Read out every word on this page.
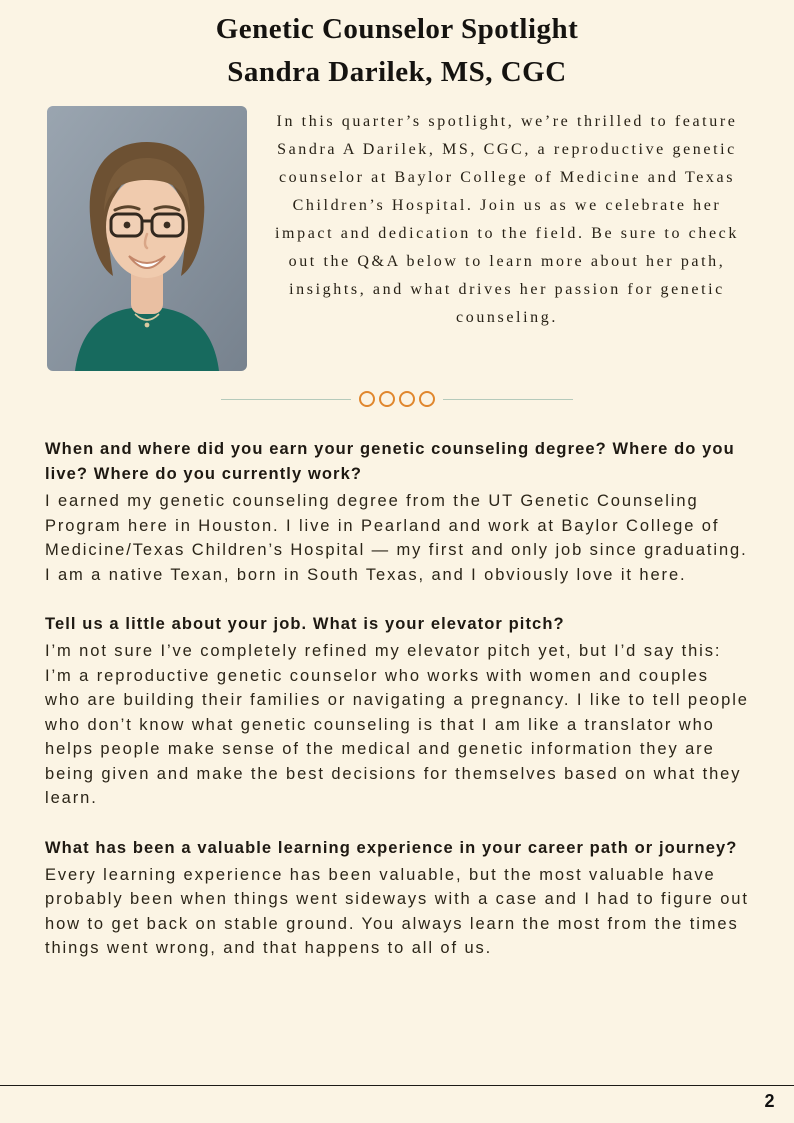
Genetic Counselor Spotlight
Sandra Darilek, MS, CGC

In this quarter’s spotlight, we’re thrilled to feature Sandra A Darilek, MS, CGC, a reproductive genetic counselor at Baylor College of Medicine and Texas Children’s Hospital. Join us as we celebrate her impact and dedication to the field. Be sure to check out the Q&A below to learn more about her path, insights, and what drives her passion for genetic counseling.

When and where did you earn your genetic counseling degree? Where do you live? Where do you currently work?

I earned my genetic counseling degree from the UT Genetic Counseling Program here in Houston. I live in Pearland and work at Baylor College of Medicine/Texas Children’s Hospital — my first and only job since graduating. I am a native Texan, born in South Texas, and I obviously love it here.

Tell us a little about your job. What is your elevator pitch?

I’m not sure I’ve completely refined my elevator pitch yet, but I’d say this: I’m a reproductive genetic counselor who works with women and couples who are building their families or navigating a pregnancy. I like to tell people who don’t know what genetic counseling is that I am like a translator who helps people make sense of the medical and genetic information they are being given and make the best decisions for themselves based on what they learn.

What has been a valuable learning experience in your career path or journey?

Every learning experience has been valuable, but the most valuable have probably been when things went sideways with a case and I had to figure out how to get back on stable ground. You always learn the most from the times things went wrong, and that happens to all of us.

2
